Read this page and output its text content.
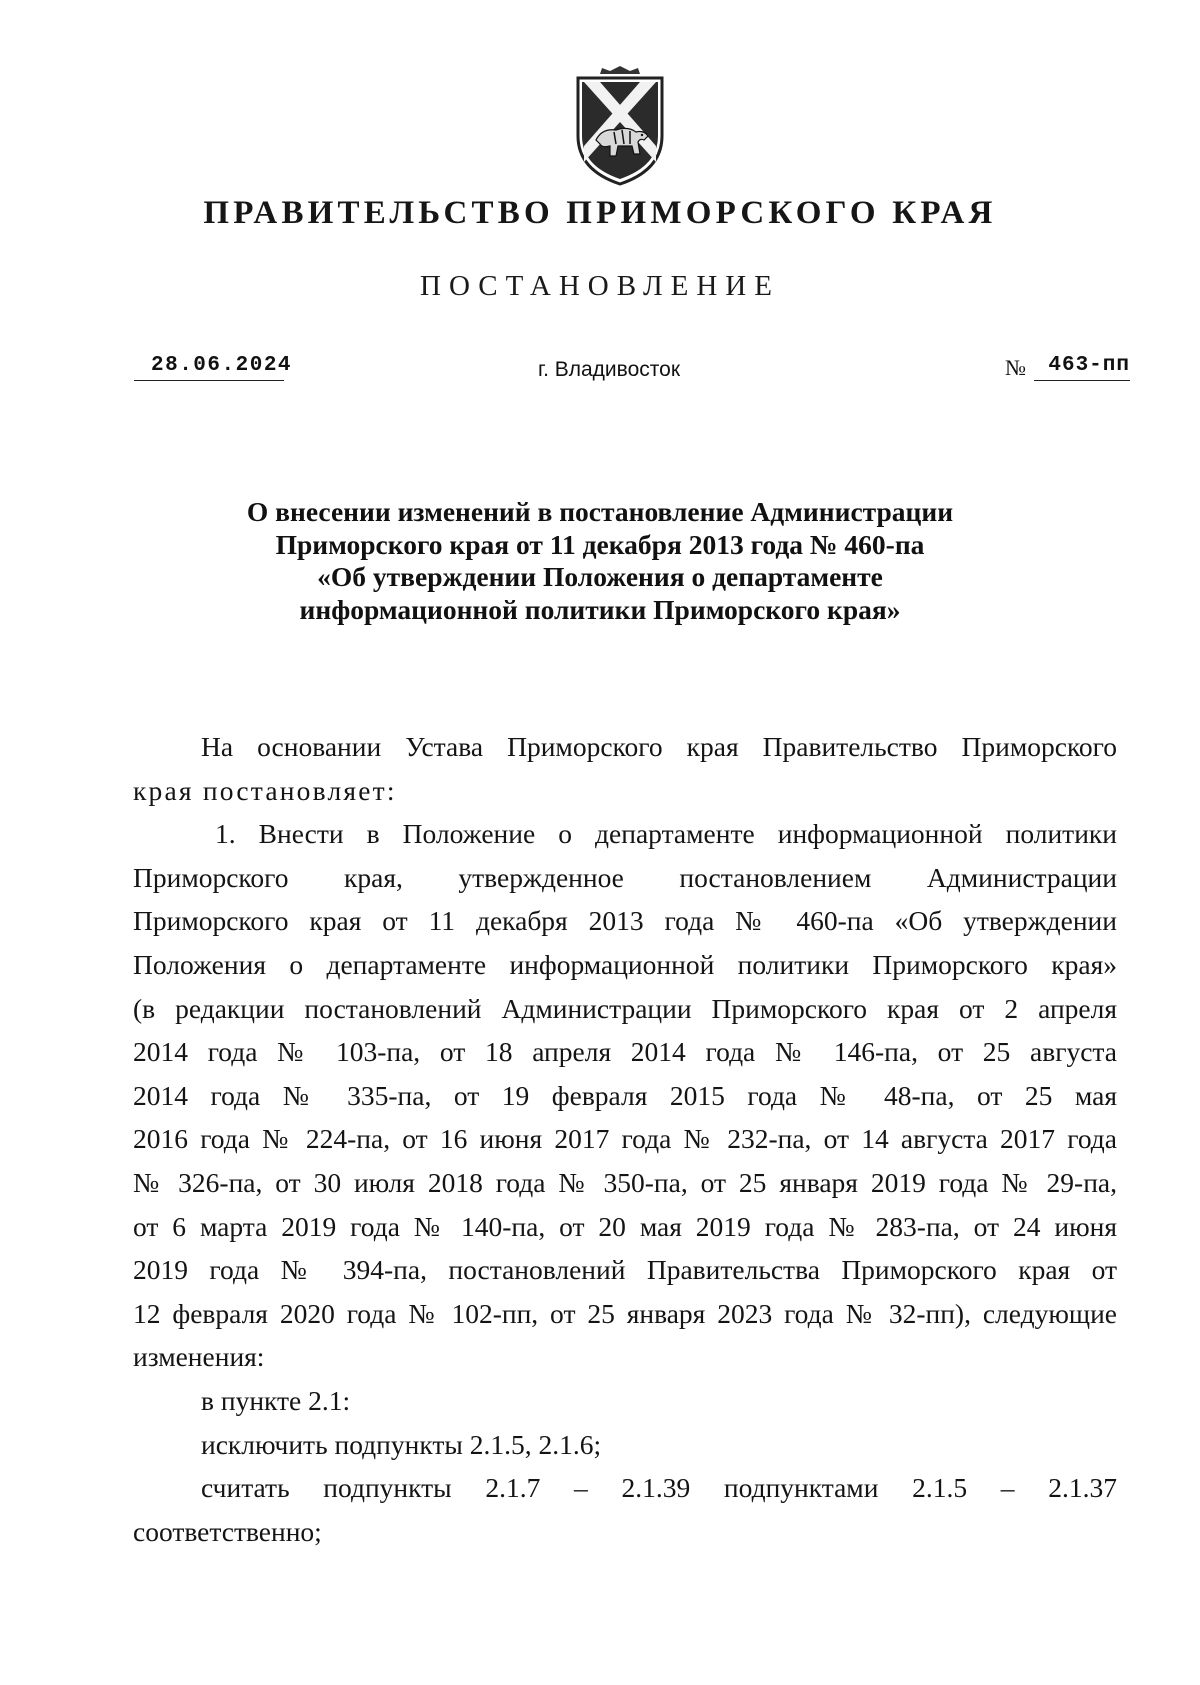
ПРАВИТЕЛЬСТВО ПРИМОРСКОГО КРАЯ
ПОСТАНОВЛЕНИЕ
28.06.2024	г. Владивосток	№	463-пп
О внесении изменений в постановление Администрации
Приморского края от 11 декабря 2013 года № 460-па
«Об утверждении Положения о департаменте
информационной политики Приморского края»
На основании Устава Приморского края Правительство Приморского
края постановляет:
1. Внести в Положение о департаменте информационной политики
Приморского края, утвержденное постановлением Администрации
Приморского края от 11 декабря 2013 года № 460-па «Об утверждении
Положения о департаменте информационной политики Приморского края»
(в редакции постановлений Администрации Приморского края от 2 апреля
2014 года № 103-па, от 18 апреля 2014 года № 146-па, от 25 августа
2014 года № 335-па, от 19 февраля 2015 года № 48-па, от 25 мая
2016 года № 224-па, от 16 июня 2017 года № 232-па, от 14 августа 2017 года
№ 326-па, от 30 июля 2018 года № 350-па, от 25 января 2019 года № 29-па,
от 6 марта 2019 года № 140-па, от 20 мая 2019 года № 283-па, от 24 июня
2019 года № 394-па, постановлений Правительства Приморского края от
12 февраля 2020 года № 102-пп, от 25 января 2023 года № 32-пп), следующие
изменения:
в пункте 2.1:
исключить подпункты 2.1.5, 2.1.6;
считать подпункты 2.1.7 – 2.1.39 подпунктами 2.1.5 – 2.1.37
соответственно;
